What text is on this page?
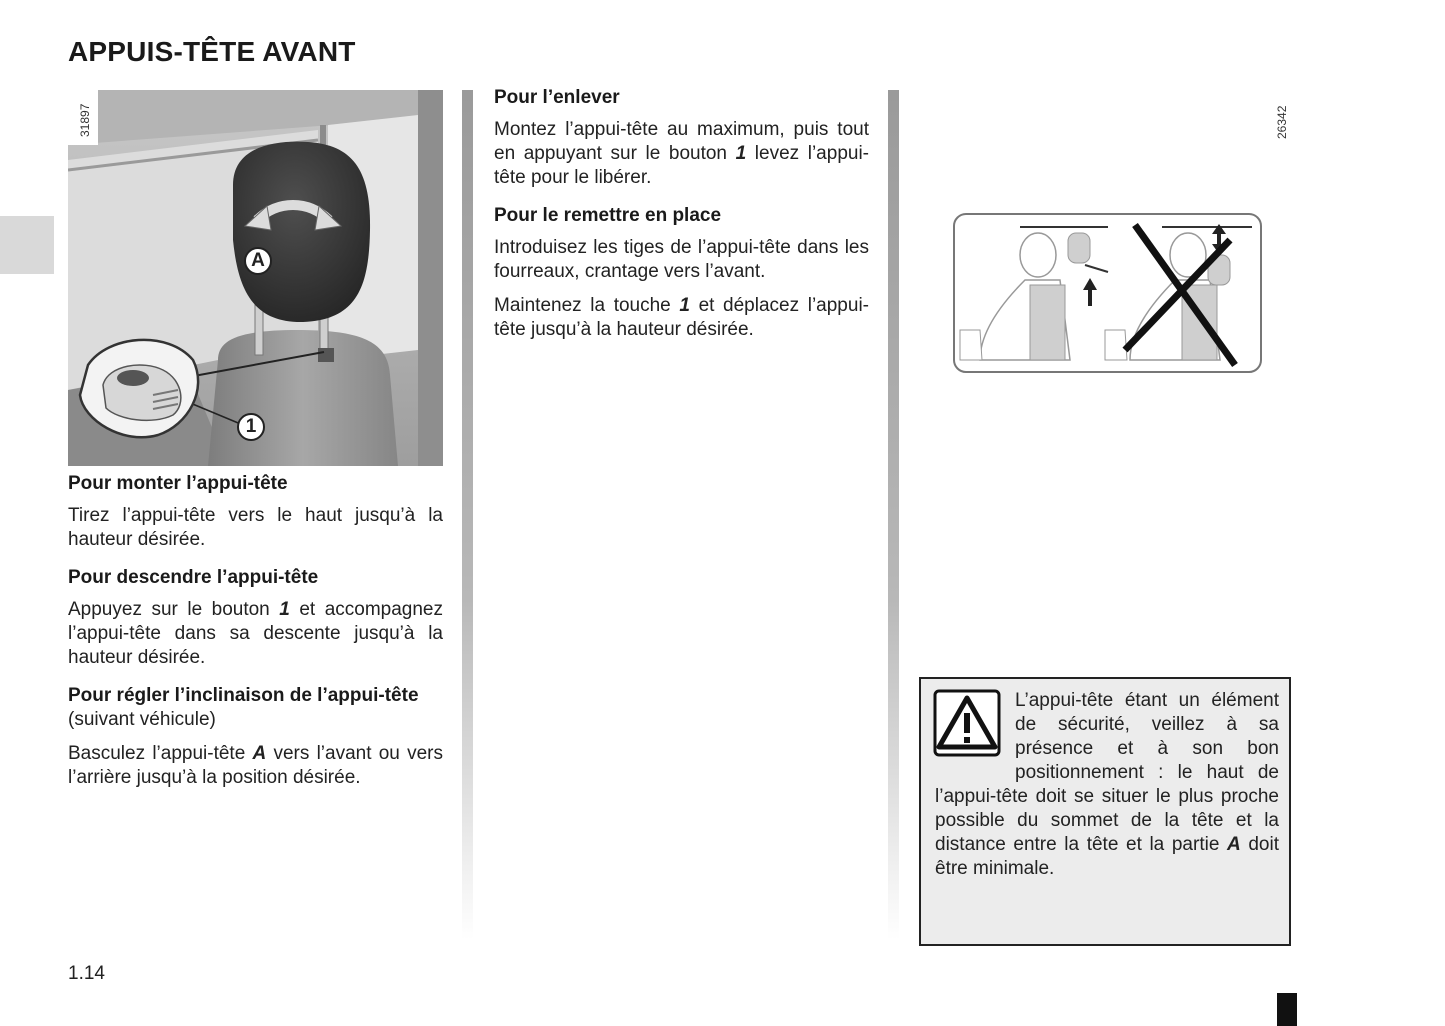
APPUIS-TÊTE AVANT
A
1
31897	26342
Pour monter l’appui-tête

Tirez l’appui-tête vers le haut jusqu’à la hauteur désirée.

Pour descendre l’appui-tête

Appuyez sur le bouton 1 et accompagnez l’appui-tête dans sa descente jusqu’à la hauteur désirée.

Pour régler l’inclinaison de l’appui-tête

(suivant véhicule)

Basculez l’appui-tête A vers l’avant ou vers l’arrière jusqu’à la position désirée.

Pour l’enlever

Montez l’appui-tête au maximum, puis tout en appuyant sur le bouton 1 levez l’appui-tête pour le libérer.

Pour le remettre en place

Introduisez les tiges de l’appui-tête dans les fourreaux, crantage vers l’avant.

Maintenez la touche 1 et déplacez l’appui-tête jusqu’à la hauteur désirée.

L’appui-tête étant un élément de sécurité, veillez à sa présence et à son bon positionnement : le haut de l’appui-tête doit se situer le plus proche possible du sommet de la tête et la distance entre la tête et la partie A doit être minimale.
1.14
